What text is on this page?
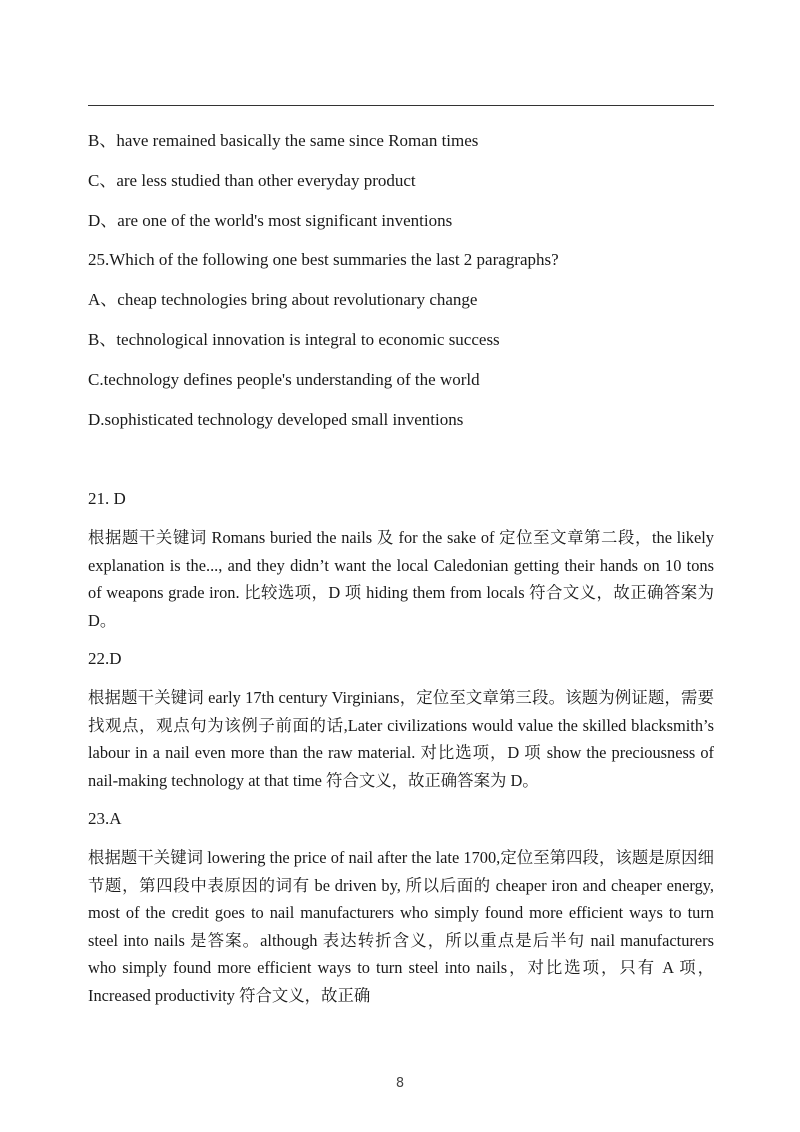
B、have remained basically the same since Roman times
C、are less studied than other everyday product
D、are one of the world's most significant inventions
25.Which of the following one best summaries the last 2 paragraphs?
A、cheap technologies bring about revolutionary change
B、technological innovation is integral to economic success
C.technology defines people's understanding of the world
D.sophisticated technology developed small inventions
21. D

根据题干关键词 Romans buried the nails 及 for the sake of 定位至文章第二段，the likely explanation is the..., and they didn’t want the local Caledonian getting their hands on 10 tons of weapons grade iron. 比较选项，D 项 hiding them from locals 符合文义，故正确答案为 D。

22.D

根据题干关键词 early 17th century Virginians，定位至文章第三段。该题为例证题，需要找观点，观点句为该例子前面的话,Later civilizations would value the skilled blacksmith’s labour in a nail even more than the raw material. 对比选项，D 项 show the preciousness of nail-making technology at that time 符合文义，故正确答案为 D。

23.A

根据题干关键词 lowering the price of nail after the late 1700,定位至第四段，该题是原因细节题，第四段中表原因的词有 be driven by, 所以后面的 cheaper iron and cheaper energy, most of the credit goes to nail manufacturers who simply found more efficient ways to turn steel into nails 是答案。although 表达转折含义，所以重点是后半句 nail manufacturers who simply found more efficient ways to turn steel into nails，对比选项，只有 A 项，Increased productivity 符合文义，故正确

8
